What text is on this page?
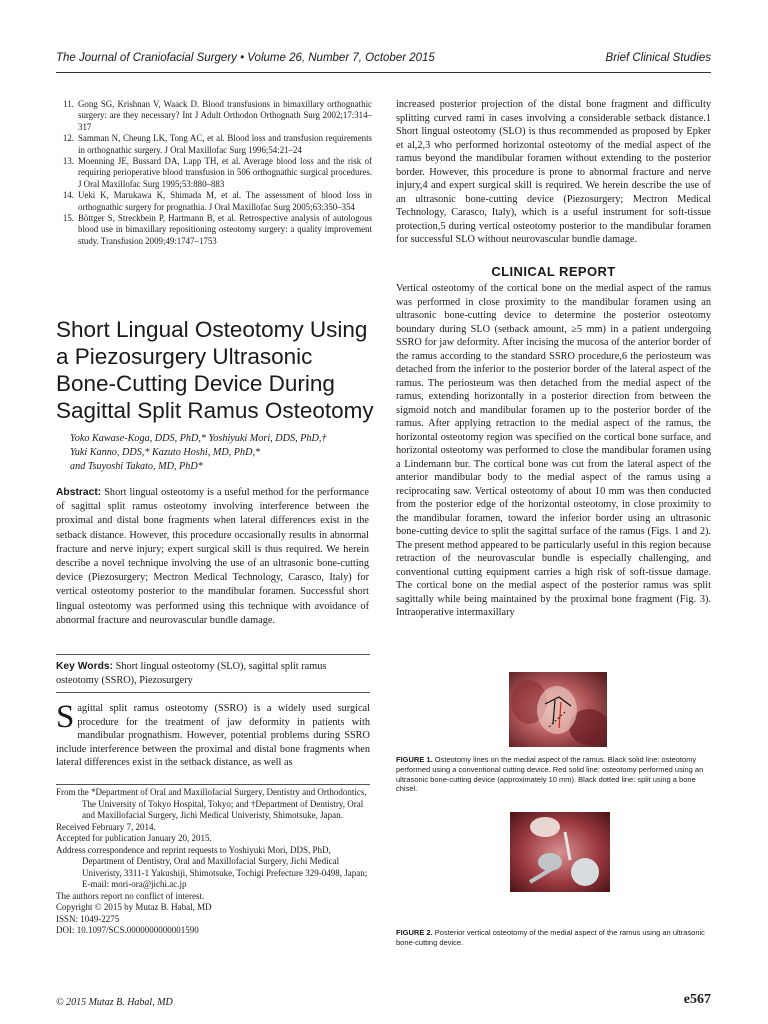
The Journal of Craniofacial Surgery • Volume 26, Number 7, October 2015	Brief Clinical Studies
11. Gong SG, Krishnan V, Waack D. Blood transfusions in bimaxillary orthognathic surgery: are they necessary? Int J Adult Orthodon Orthognath Surg 2002;17:314–317
12. Samman N, Cheung LK, Tong AC, et al. Blood loss and transfusion requirements in orthognathic surgery. J Oral Maxillofac Surg 1996;54:21–24
13. Moenning JE, Bussard DA, Lapp TH, et al. Average blood loss and the risk of requiring perioperative blood transfusion in 506 orthognathic surgical procedures. J Oral Maxillofac Surg 1995;53:880–883
14. Ueki K, Marukawa K, Shimada M, et al. The assessment of blood loss in orthognathic surgery for prognathia. J Oral Maxillofac Surg 2005;63:350–354
15. Böttger S, Streckbein P, Hartmann B, et al. Retrospective analysis of autologous blood use in bimaxillary repositioning osteotomy surgery: a quality improvement study. Transfusion 2009;49:1747–1753
Short Lingual Osteotomy Using a Piezosurgery Ultrasonic Bone-Cutting Device During Sagittal Split Ramus Osteotomy
Yoko Kawase-Koga, DDS, PhD,* Yoshiyuki Mori, DDS, PhD,†
Yuki Kanno, DDS,* Kazuto Hoshi, MD, PhD,*
and Tsuyoshi Takato, MD, PhD*
Abstract: Short lingual osteotomy is a useful method for the performance of sagittal split ramus osteotomy involving interference between the proximal and distal bone fragments when lateral differences exist in the setback distance. However, this procedure occasionally results in abnormal fracture and nerve injury; expert surgical skill is thus required. We herein describe a novel technique involving the use of an ultrasonic bone-cutting device (Piezosurgery; Mectron Medical Technology, Carasco, Italy) for vertical osteotomy posterior to the mandibular foramen. Successful short lingual osteotomy was performed using this technique with avoidance of abnormal fracture and neurovascular bundle damage.
Key Words: Short lingual osteotomy (SLO), sagittal split ramus osteotomy (SSRO), Piezosurgery
Sagittal split ramus osteotomy (SSRO) is a widely used surgical procedure for the treatment of jaw deformity in patients with mandibular prognathism. However, potential problems during SSRO include interference between the proximal and distal bone fragments when lateral differences exist in the setback distance, as well as

From the *Department of Oral and Maxillofacial Surgery, Dentistry and Orthodontics, The University of Tokyo Hospital, Tokyo; and †Department of Dentistry, Oral and Maxillofacial Surgery, Jichi Medical Univeristy, Shimotsuke, Japan.

Received February 7, 2014.

Accepted for publication January 20, 2015.

Address correspondence and reprint requests to Yoshiyuki Mori, DDS, PhD, Department of Dentistry, Oral and Maxillofacial Surgery, Jichi Medical Univeristy, 3311-1 Yakushiji, Shimotsuke, Tochigi Prefecture 329-0498, Japan; E-mail: mori-ora@jichi.ac.jp

The authors report no conflict of interest.

Copyright © 2015 by Mutaz B. Habal, MD

ISSN: 1049-2275

DOI: 10.1097/SCS.0000000000001590

© 2015 Mutaz B. Habal, MD	e567
increased posterior projection of the distal bone fragment and difficulty splitting curved rami in cases involving a considerable setback distance.1 Short lingual osteotomy (SLO) is thus recommended as proposed by Epker et al,2,3 who performed horizontal osteotomy of the medial aspect of the ramus beyond the mandibular foramen without extending to the posterior border. However, this procedure is prone to abnormal fracture and nerve injury,4 and expert surgical skill is required. We herein describe the use of an ultrasonic bone-cutting device (Piezosurgery; Mectron Medical Technology, Carasco, Italy), which is a useful instrument for soft-tissue protection,5 during vertical osteotomy posterior to the mandibular foramen for successful SLO without neurovascular bundle damage.
CLINICAL REPORT
Vertical osteotomy of the cortical bone on the medial aspect of the ramus was performed in close proximity to the mandibular foramen using an ultrasonic bone-cutting device to determine the posterior osteotomy boundary during SLO (setback amount, ≥5 mm) in a patient undergoing SSRO for jaw deformity. After incising the mucosa of the anterior border of the ramus according to the standard SSRO procedure,6 the periosteum was detached from the inferior to the posterior border of the lateral aspect of the ramus. The periosteum was then detached from the medial aspect of the ramus, extending horizontally in a posterior direction from between the sigmoid notch and mandibular foramen up to the posterior border of the ramus. After applying retraction to the medial aspect of the ramus, the horizontal osteotomy region was specified on the cortical bone surface, and horizontal osteotomy was performed to close the mandibular foramen using a Lindemann bur. The cortical bone was cut from the lateral aspect of the anterior mandibular body to the medial aspect of the ramus using a reciprocating saw. Vertical osteotomy of about 10 mm was then conducted from the posterior edge of the horizontal osteotomy, in close proximity to the mandibular foramen, toward the inferior border using an ultrasonic bone-cutting device to split the sagittal surface of the ramus (Figs. 1 and 2). The present method appeared to be particularly useful in this region because retraction of the neurovascular bundle is especially challenging, and conventional cutting equipment carries a high risk of soft-tissue damage. The cortical bone on the medial aspect of the posterior ramus was split sagittally while being maintained by the proximal bone fragment (Fig. 3). Intraoperative intermaxillary
FIGURE 1. Osteotomy lines on the medial aspect of the ramus. Black solid line: osteotomy performed using a conventional cutting device. Red solid line: osteotomy performed using an ultrasonic bone-cutting device (approximately 10 mm). Black dotted line: split using a bone chisel.
FIGURE 2. Posterior vertical osteotomy of the medial aspect of the ramus using an ultrasonic bone-cutting device.
